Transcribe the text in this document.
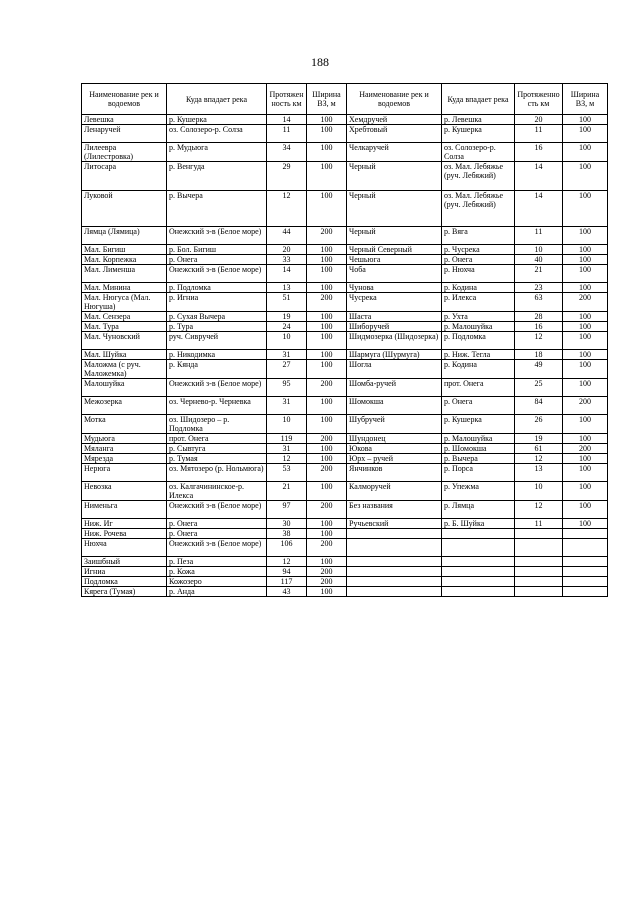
188
Наименование рек и водоемов	Куда впадает река	Протяженность км	Ширина ВЗ, м	Наименование рек и водоемов	Куда впадает река	Протяженность км	Ширина ВЗ, м
Левешка	р. Кушерка	14	100	Хемдручей	р. Левешка	20	100
Ленаручей	оз. Солозеро-р. Солза	11	100	Хребтовый	р. Кушерка	11	100
Лилеевра (Лилестровка)	р. Мудьюга	34	100	Челкаручей	оз. Солозеро-р. Солза	16	100
Литосара	р. Венгуда	29	100	Черный	оз. Мал. Лебяжье (руч. Лебяжий)	14	100
Луковой	р. Вычера	12	100	Черный	оз. Мал. Лебяжье (руч. Лебяжий)	14	100
Лямца (Лямица)	Онежский з-в (Белое море)	44	200	Черный	р. Вяга	11	100
Мал. Бигиш	р. Бол. Бигиш	20	100	Черный Северный	р. Чусрека	10	100
Мал. Корпежка	р. Онега	33	100	Чешьюга	р. Онега	40	100
Мал. Лименша	Онежский з-в (Белое море)	14	100	Чоба	р. Нюхча	21	100
Мал. Минина	р. Подломка	13	100	Чунова	р. Кодина	23	100
Мал. Нюгуса (Мал. Нюгуша)	р. Игниа	51	200	Чусрека	р. Илекса	63	200
Мал. Сензера	р. Сухая Вычера	19	100	Шаста	р. Ухта	28	100
Мал. Тура	р. Тура	24	100	Шиборучей	р. Малошуйка	16	100
Мал. Чуновский	руч. Сивручей	10	100	Шидмозерка (Шидозерка)	р. Подломка	12	100
Мал. Шуйка	р. Никодимка	31	100	Шармуга (Шурмуга)	р. Ниж. Тегла	18	100
Маложма (с руч. Маложемка)	р. Кянда	27	100	Шогла	р. Кодина	49	100
Малошуйка	Онежский з-в (Белое море)	95	200	Шомба-ручей	прот. Онега	25	100
Межозерка	оз. Чернево-р. Черневка	31	100	Шомокша	р. Онега	84	200
Мотка	оз. Шидозеро – р. Подломка	10	100	Шубручей	р. Кушерка	26	100
Мудьюга	прот. Онега	119	200	Шундонец	р. Малошуйка	19	100
Мяланга	р. Сывтуга	31	100	Юкова	р. Шомокша	61	200
Мярезда	р. Тумая	12	100	Юрх – ручей	р. Вычера	12	100
Нерюга	оз. Мятозеро (р. Нольмюга)	53	200	Янчинков	р. Порса	13	100
Невозка	оз. Калгачининское-р. Илекса	21	100	Калморучей	р. Упежма	10	100
Нименьга	Онежский з-в (Белое море)	97	200	Без названия	р. Лямца	12	100
Ниж. Иг	р. Онега	30	100	Ручьевский	р. Б. Шуйка	11	100
Ниж. Рочева	р. Онега	38	100				
Нюхча	Онежский з-в (Белое море)	106	200				
Заишбный	р. Пеза	12	100				
Игниа	р. Кожа	94	200				
Подломка	Кожозеро	117	200				
Кярега (Тумая)	р. Анда	43	100				
